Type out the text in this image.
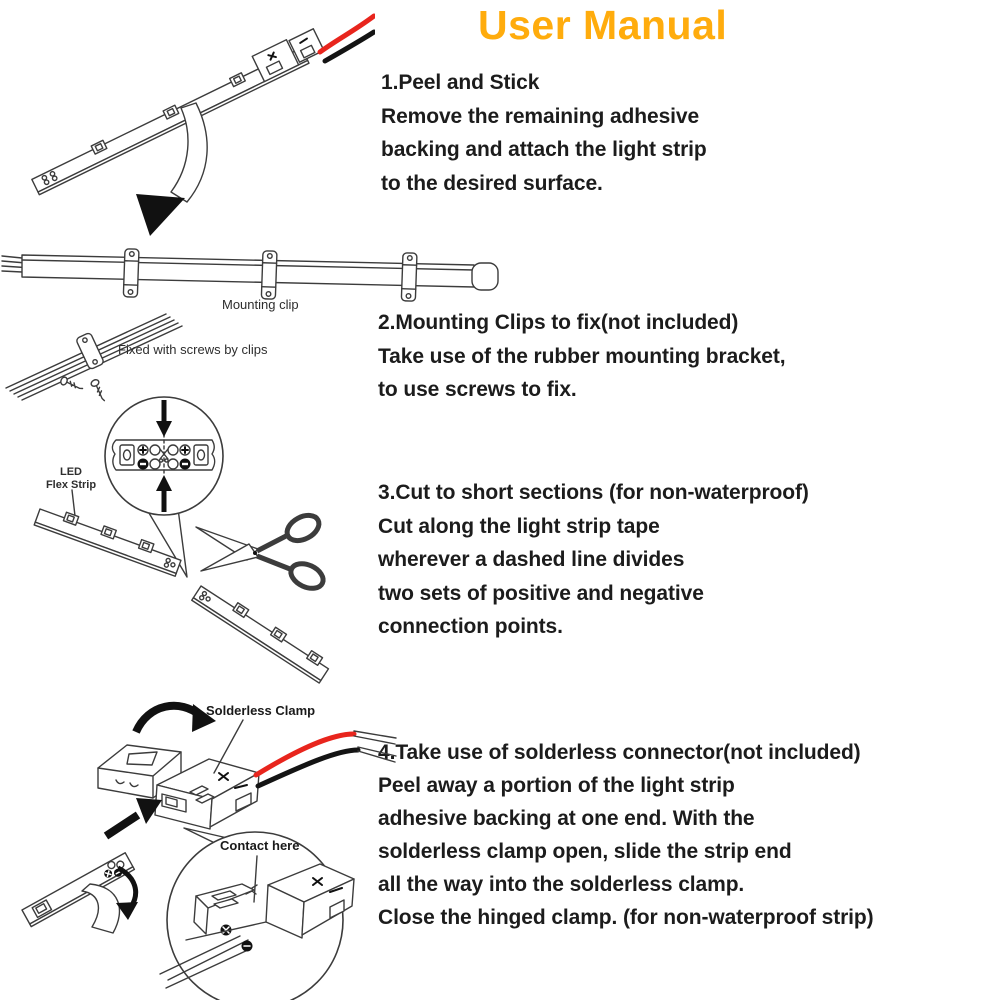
User Manual
1.Peel and Stick
Remove the remaining adhesive
backing and attach the light strip
to the desired surface.
2.Mounting Clips to fix(not included)
Take use of the rubber mounting bracket,
to use screws to fix.
3.Cut to short sections (for non-waterproof)
Cut along the light strip tape
wherever a dashed line divides
two sets of positive and negative
connection points.
4.Take use of solderless connector(not included)
Peel away a portion of the light strip
adhesive backing at one end. With the
solderless clamp open, slide the strip end
all the way into the solderless clamp.
Close the hinged clamp. (for non-waterproof strip)
Mounting clip
Fixed with screws by clips
LED
Flex Strip
Solderless Clamp
Contact here
